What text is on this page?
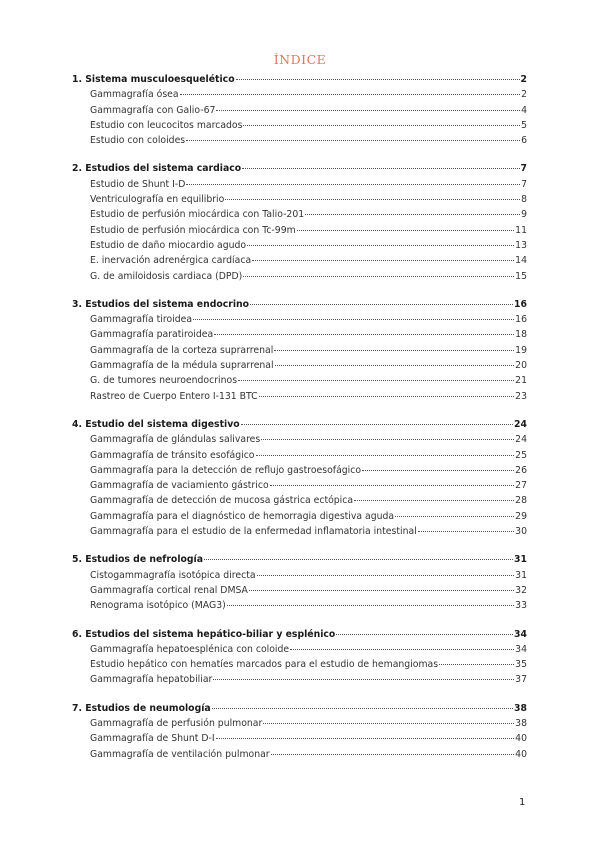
ÍNDICE
1. Sistema musculoesquelético	2
Gammagrafía ósea	2
Gammagrafía con Galio-67	4
Estudio con leucocitos marcados	5
Estudio con coloides	6
2. Estudios del sistema cardiaco	7
Estudio de Shunt I-D	7
Ventriculografía en equilibrio	8
Estudio de perfusión miocárdica con Talio-201	9
Estudio de perfusión miocárdica con Tc-99m	11
Estudio de daño miocardio agudo	13
E. inervación adrenérgica cardíaca	14
G. de amiloidosis cardiaca (DPD)	15
3. Estudios del sistema endocrino	16
Gammagrafía tiroidea	16
Gammagrafía paratiroidea	18
Gammagrafía de la corteza suprarrenal	19
Gammagrafía de la médula suprarrenal	20
G. de tumores neuroendocrinos	21
Rastreo de Cuerpo Entero I-131 BTC	23
4. Estudio del sistema digestivo	24
Gammagrafía de glándulas salivares	24
Gammagrafía de tránsito esofágico	25
Gammagrafía para la detección de reflujo gastroesofágico	26
Gammagrafía de vaciamiento gástrico	27
Gammagrafía de detección de mucosa gástrica ectópica	28
Gammagrafía para el diagnóstico de hemorragia digestiva aguda	29
Gammagrafía para el estudio de la enfermedad inflamatoria intestinal	30
5. Estudios de nefrología	31
Cistogammagrafía isotópica directa	31
Gammagrafía cortical renal DMSA	32
Renograma isotópico (MAG3)	33
6. Estudios del sistema hepático-biliar y esplénico	34
Gammagrafía hepatoesplénica con coloide	34
Estudio hepático con hematíes marcados para el estudio de hemangiomas	35
Gammagrafía hepatobiliar	37
7. Estudios de neumología	38
Gammagrafía de perfusión pulmonar	38
Gammagrafía de Shunt D-I	40
Gammagrafía de ventilación pulmonar	40
1
